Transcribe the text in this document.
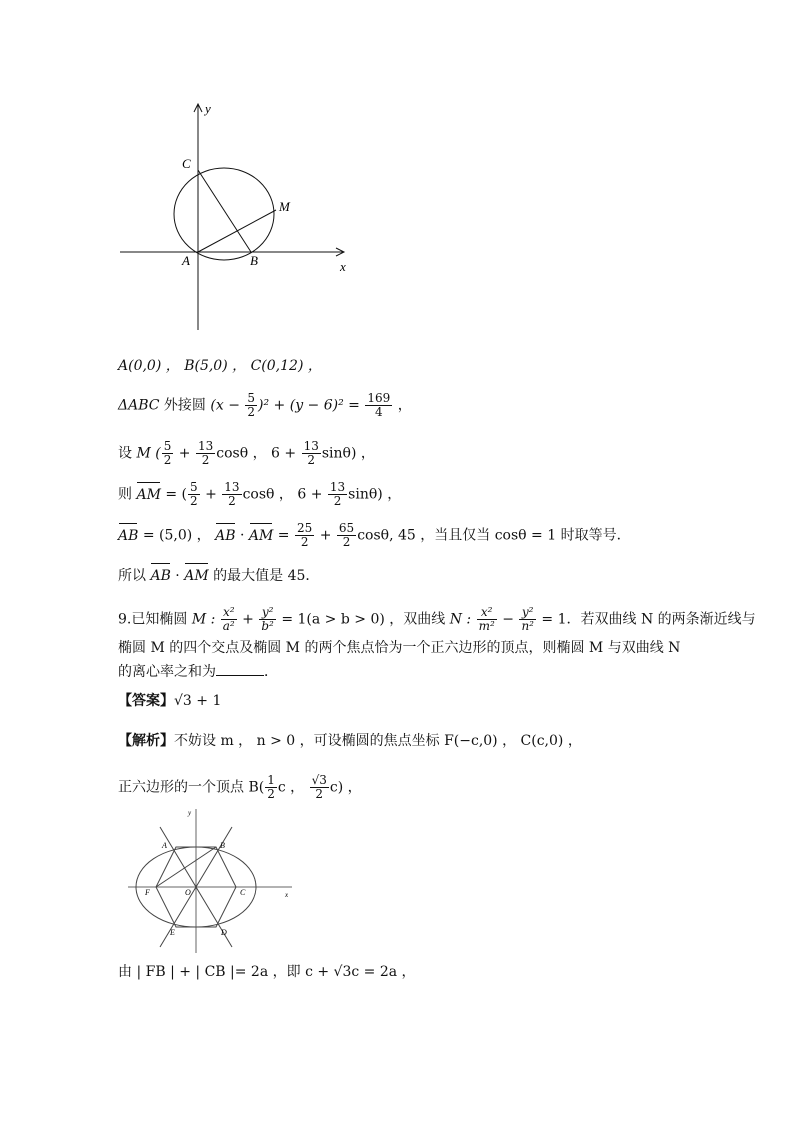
y
C
M
A	B	x
A(0,0) ， B(5,0) ， C(0,12) ，
ΔABC 外接圆 $(x - \frac{5}{2} )^2 + (y - 6)^2 = \frac{169}{4}$ ，
设 M ( $\frac{5}{2} + \frac{13}{2}$ cosθ ， $6 + \frac{13}{2} \sin\theta$) ，
则 AM = ( $\frac{5}{2} + \frac{13}{2}$ cosθ ， $6 + \frac{13}{2} \sin\theta$) ，
AB = (5,0) ， AB · AM = $\frac{25}{2} + \frac{65}{2} \cos\theta$, 45 ，当且仅当 cosθ = 1 时取等号．
所以 AB · AM 的最大值是 45．
9.已知椭圆 M : $\frac{\text{x²}}{\text{a²}} + \frac{\text{y²}}{\text{b²}} = 1(a > b > 0)$ ，双曲线 N : $\frac{\text{x²}}{\text{m²}} - \frac{\text{y²}}{\text{n²}} = 1$．若双曲线 N 的两条渐近线与
椭圆 M 的四个交点及椭圆 M 的两个焦点恰为一个正六边形的顶点，则椭圆 M 与双曲线 N
的离心率之和为	．
【答案】√3 + 1
【解析】不妨设 m ， n > 0 ，可设椭圆的焦点坐标 F(−c,0) ， C(c,0) ，
正六边形的一个顶点 $B( \frac{1}{2}$ c ， $\frac{√3}{2} c$) ，
A	B
F	O	C
E	D
x
y
由 | FB | + | CB |= 2a ，即 c + √3c = 2a ，
